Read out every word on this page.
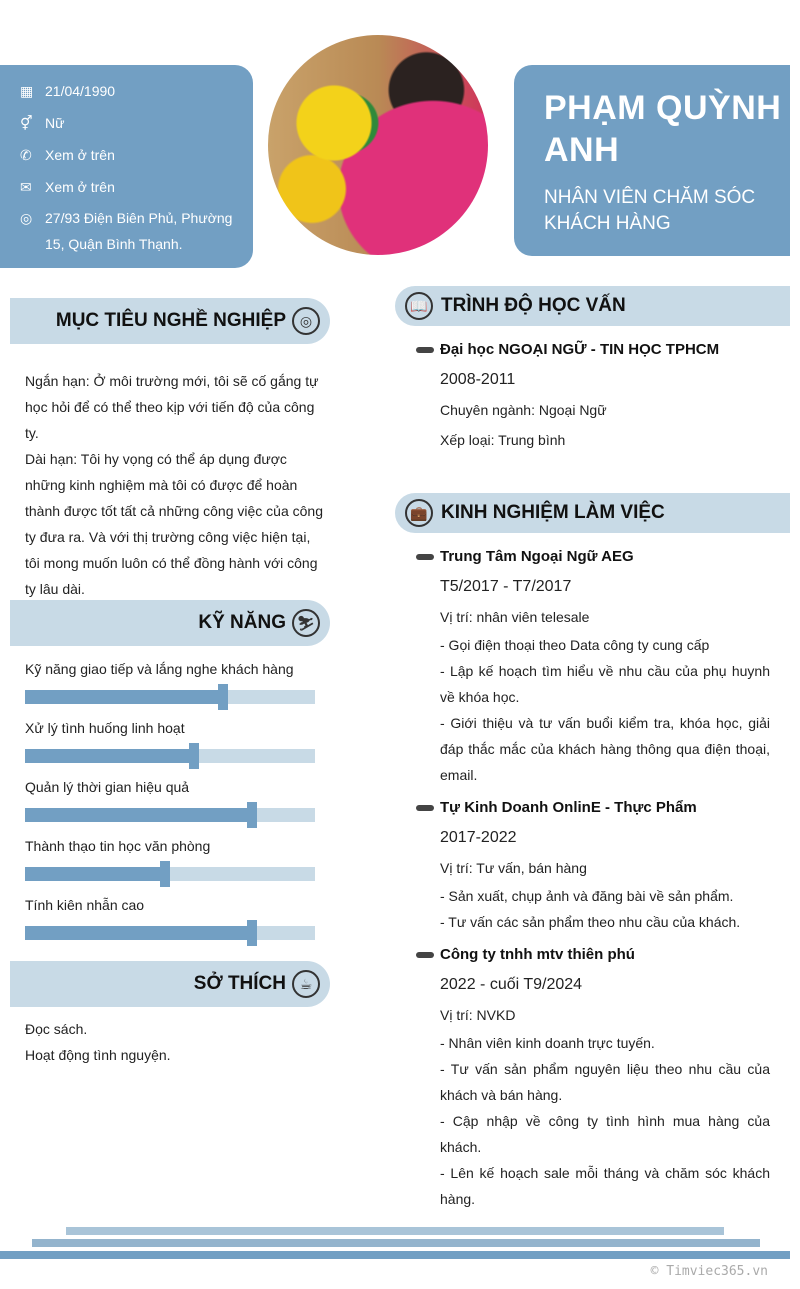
▦ 21/04/1990
⚥ Nữ
✆ Xem ở trên
✉ Xem ở trên
◎ 27/93 Điện Biên Phủ, Phường 15, Quận Bình Thạnh.
PHẠM QUỲNH ANH
NHÂN VIÊN CHĂM SÓC KHÁCH HÀNG
MỤC TIÊU NGHỀ NGHIỆP ◎
Ngắn hạn: Ở môi trường mới, tôi sẽ cố gắng tự học hỏi để có thể theo kịp với tiến độ của công ty.
Dài hạn: Tôi hy vọng có thể áp dụng được những kinh nghiệm mà tôi có được để hoàn thành được tốt tất cả những công việc của công ty đưa ra. Và với thị trường công việc hiện tại, tôi mong muốn luôn có thể đồng hành với công ty lâu dài.
KỸ NĂNG ⛷
Kỹ năng giao tiếp và lắng nghe khách hàng
Xử lý tình huống linh hoạt
Quản lý thời gian hiệu quả
Thành thạo tin học văn phòng
Tính kiên nhẫn cao
SỞ THÍCH ☕
Đọc sách.
Hoạt động tình nguyện.
📖 TRÌNH ĐỘ HỌC VẤN
Đại học NGOẠI NGỮ - TIN HỌC TPHCM
2008-2011
Chuyên ngành: Ngoại Ngữ
Xếp loại: Trung bình
💼 KINH NGHIỆM LÀM VIỆC
Trung Tâm Ngoại Ngữ AEG
T5/2017 - T7/2017
Vị trí: nhân viên telesale
- Gọi điện thoại theo Data công ty cung cấp
- Lập kế hoạch tìm hiểu về nhu cầu của phụ huynh về khóa học.
- Giới thiệu và tư vấn buổi kiểm tra, khóa học, giải đáp thắc mắc của khách hàng thông qua điện thoại, email.
Tự Kinh Doanh OnlinE - Thực Phẩm
2017-2022
Vị trí: Tư vấn, bán hàng
- Sản xuất, chụp ảnh và đăng bài về sản phẩm.
- Tư vấn các sản phẩm theo nhu cầu của khách.
Công ty tnhh mtv thiên phú
2022 - cuối T9/2024
Vị trí: NVKD
- Nhân viên kinh doanh trực tuyến.
- Tư vấn sản phẩm nguyên liệu theo nhu cầu của khách và bán hàng.
- Cập nhập về công ty tình hình mua hàng của khách.
- Lên kế hoạch sale mỗi tháng và chăm sóc khách hàng.
© Timviec365.vn
